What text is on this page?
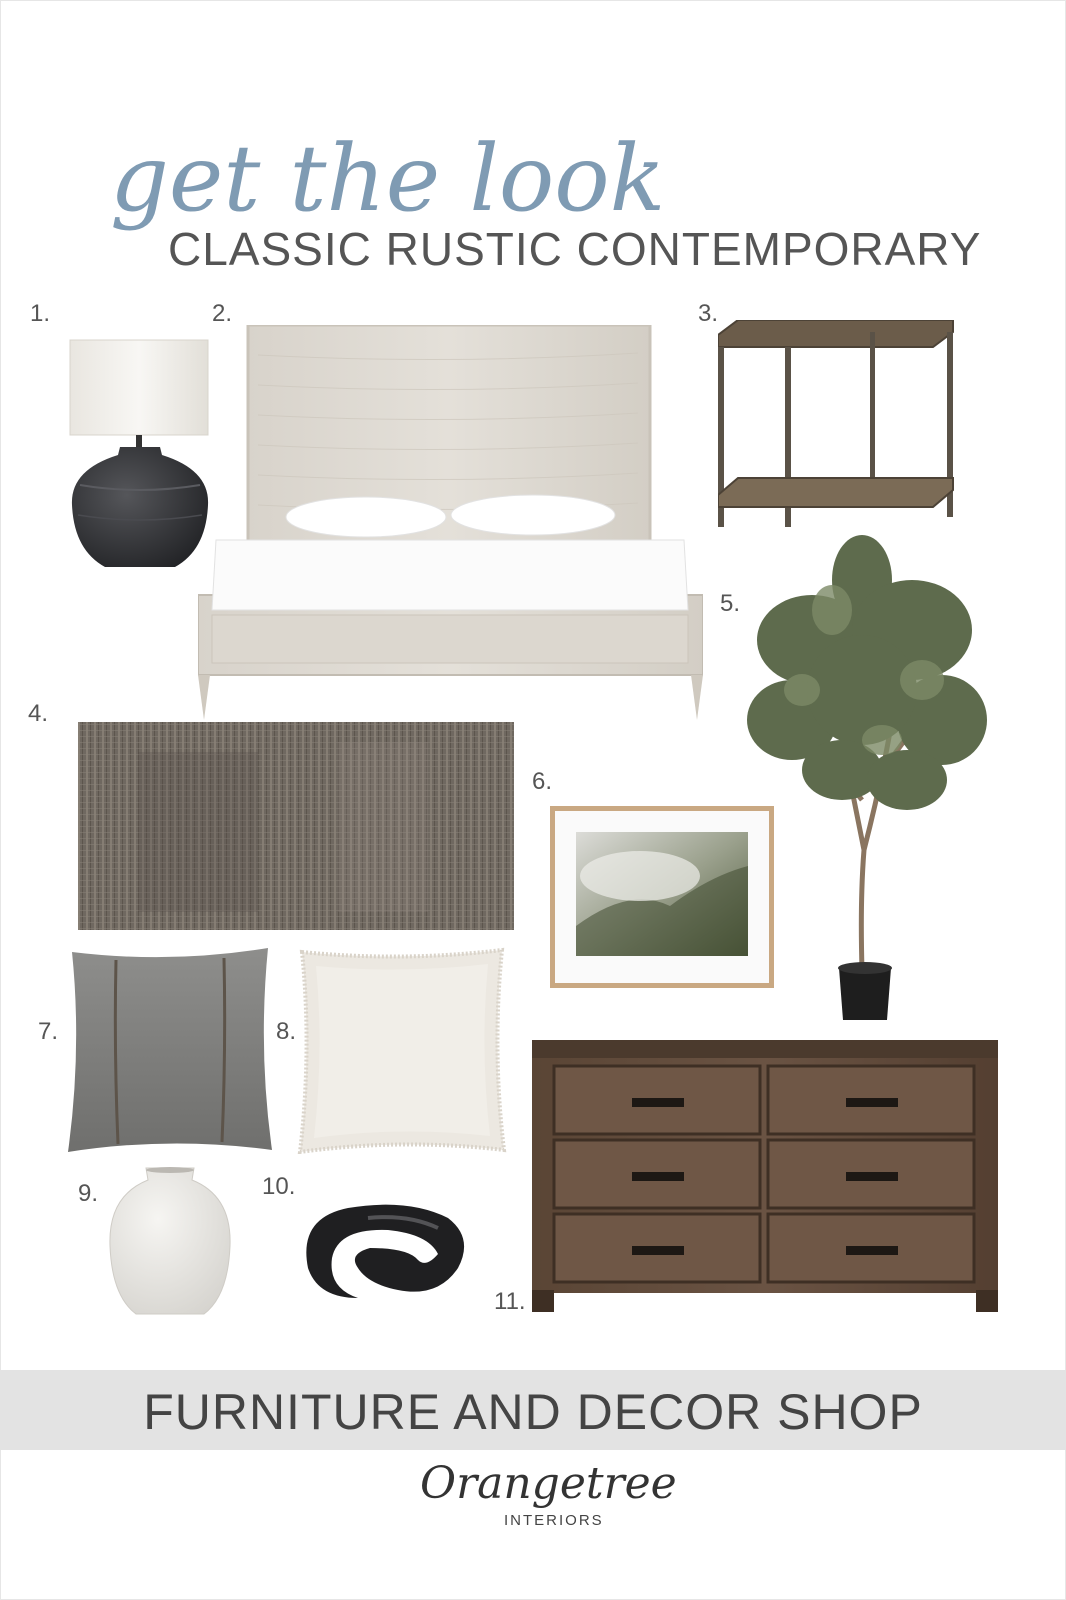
get the look
CLASSIC RUSTIC CONTEMPORARY
1.	2.	3.
4.
5.
6.
7.	8.
9.	10.
11.
FURNITURE AND DECOR SHOP
Orangetree
INTERIORS
